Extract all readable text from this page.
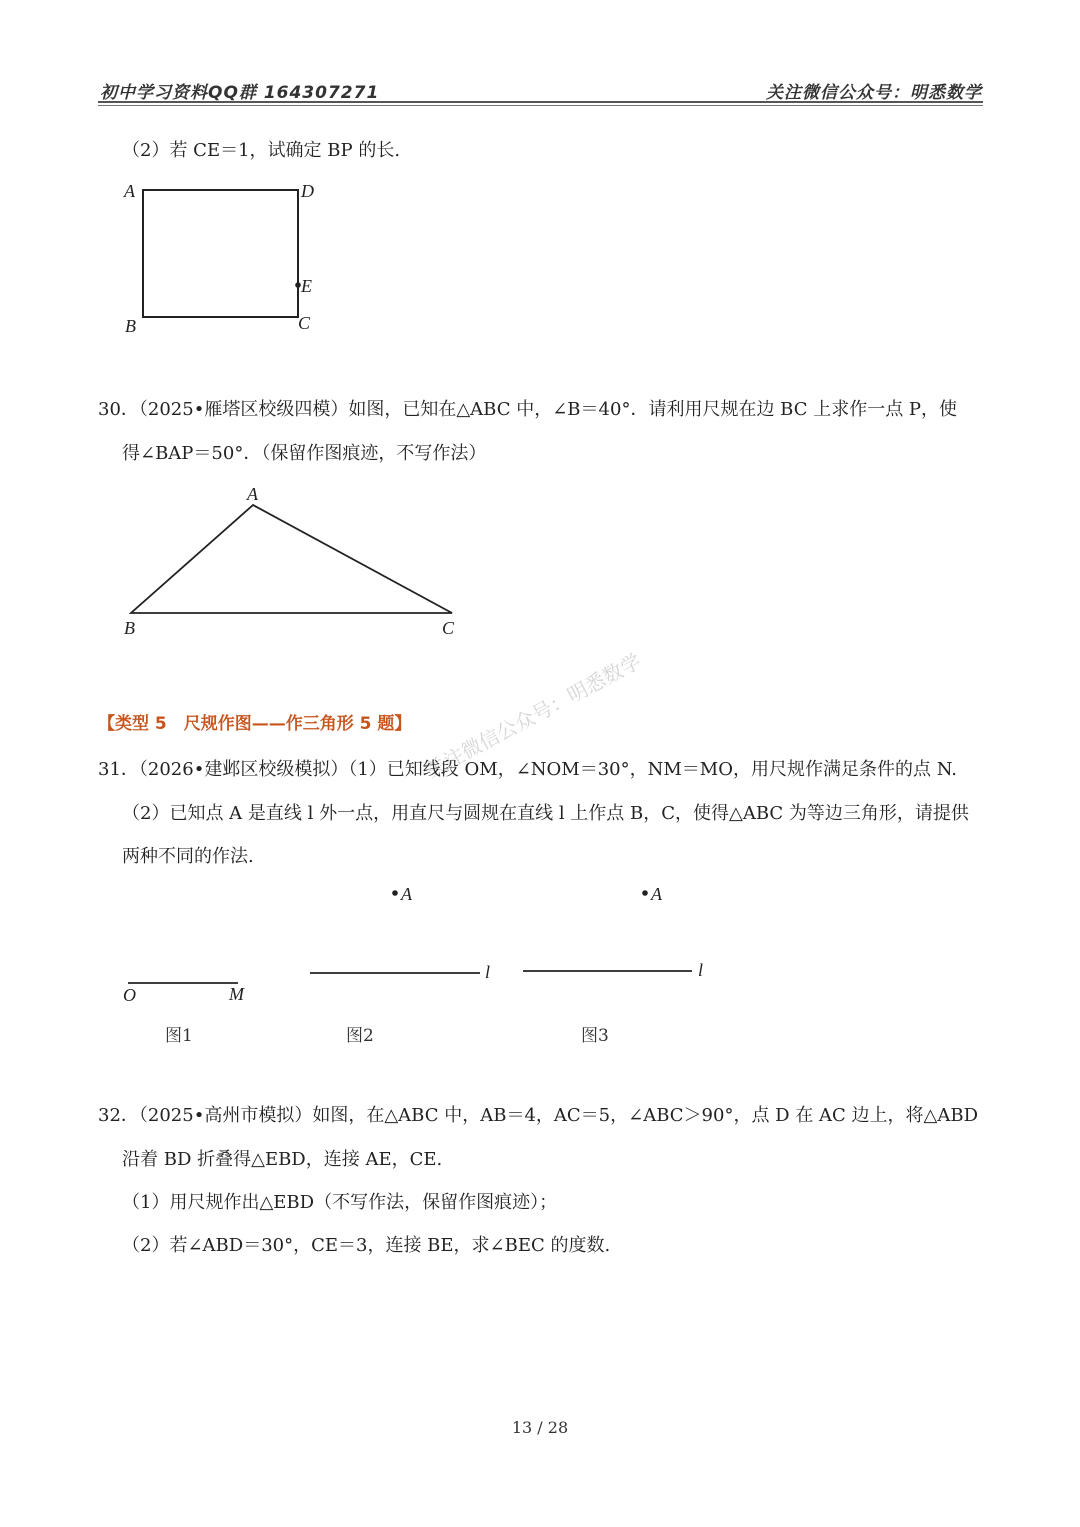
初中学习资料QQ群 164307271	关注微信公众号：明悉数学
（2）若 CE＝1，试确定 BP 的长.
A	D
E
B	C
30．（2025•雁塔区校级四模）如图，已知在△ABC 中，∠B＝40°．请利用尺规在边 BC 上求作一点 P，使
得∠BAP＝50°．（保留作图痕迹，不写作法）
A
B	C
【类型 5　尺规作图——作三角形 5 题】 关注微信公众号：明悉数学
31．（2026•建邺区校级模拟）（1）已知线段 OM，∠NOM＝30°，NM＝MO，用尺规作满足条件的点 N.
（2）已知点 A 是直线 l 外一点，用直尺与圆规在直线 l 上作点 B，C，使得△ABC 为等边三角形，请提供
两种不同的作法.
A	A
l	l
O	M
图1	图2	图3
32．（2025•高州市模拟）如图，在△ABC 中，AB＝4，AC＝5，∠ABC＞90°，点 D 在 AC 边上，将△ABD
沿着 BD 折叠得△EBD，连接 AE，CE.
（1）用尺规作出△EBD（不写作法，保留作图痕迹）；
（2）若∠ABD＝30°，CE＝3，连接 BE，求∠BEC 的度数.
13 / 28
